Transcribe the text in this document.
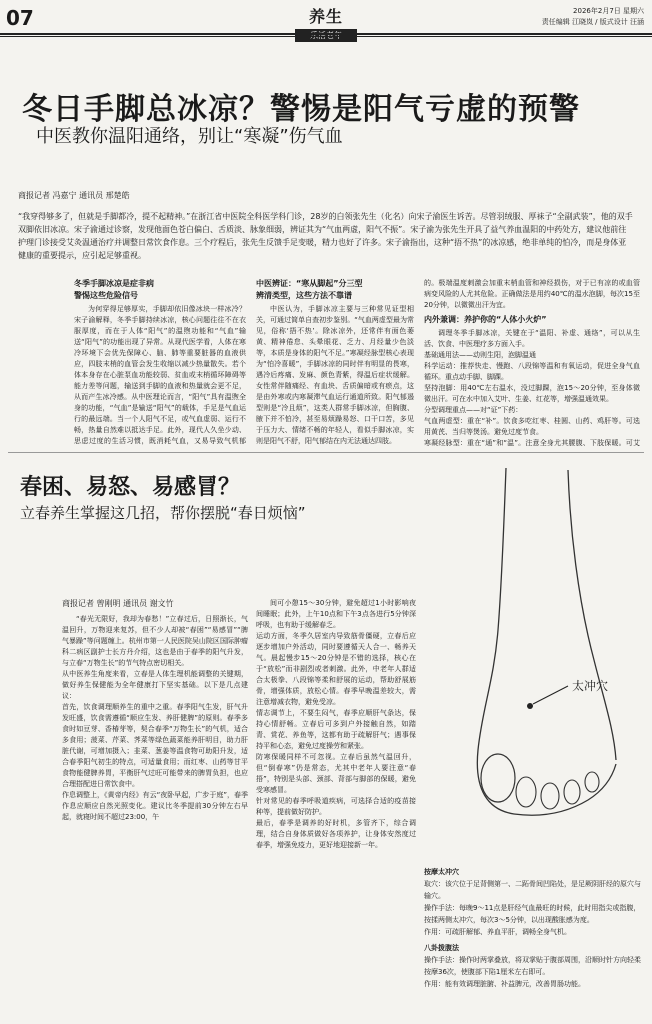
07	养生
乐活老年
2026年2月7日 星期六
责任编辑 江晓岚 / 版式设计 汪涵
冬日手脚总冰凉？警惕是阳气亏虚的预警
中医教你温阳通络，别让“寒凝”伤气血
商报记者 冯嘉宁 通讯员 邢楚皓
“我穿得够多了，但就是手脚都冷，提不起精神。”在浙江省中医院全科医学科门诊，28岁的白领张先生（化名）向宋子渝医生诉苦。尽管羽绒服、厚袜子“全副武装”，他的双手双脚依旧冰凉。宋子渝通过诊察，发现他面色苍白偏白、舌质淡、脉象细弱，辨证其为“气血两虚，阳气不振”。宋子渝为张先生开具了益气养血温阳的中药处方，建议他前往护理门诊接受艾灸温通治疗并调整日常饮食作息。三个疗程后，张先生反馈手足变暖，精力也好了许多。宋子渝指出，这种“捂不热”的冰凉感，绝非单纯的怕冷，而是身体亚健康的重要提示，应引起足够重视。
冬季手脚冰凉是症非病
警惕这些危险信号
为何穿得足够厚实，手脚却依旧像冰块一样冰冷？宋子渝解释，冬季手脚持续冰凉，核心问题往往不在衣服厚度，而在于人体“阳气”的温煦功能和“气血”输送“阳气”的功能出现了异常。从现代医学看，人体在寒冷环境下会优先保障心、脑、肺等重要脏器的血液供应，四肢末梢的血管会发生收缩以减少热量散失。若个体本身存在心脏泵血功能较弱、贫血或末梢循环障碍等能力差等问题，输送到手脚的血液和热量就会更不足，从而产生冰冷感。从中医理论而言，“阳气”具有温煦全身的功能，“气血”是输送“阳气”的载体，手足是气血运行的最远端。当一个人阳气不足，或气血虚弱、运行不畅，热量自然难以抵达手足。此外，现代人久坐少动、思虑过度的生活习惯，既消耗气血，又易导致气机郁

中医辨证：“寒从脚起”分三型
辨清类型，这些方法不靠谱
中医认为，手脚冰凉主要与三种常见证型相关，可通过简单自查初步鉴别。“气血两虚型最为常见，俗称‘捂不热’。除冰凉外，还常伴有面色萎黄、精神倦怠、头晕眼花、乏力、月经量少色淡等，本质是身体的阳气不足。”寒凝经脉型核心表现为“怕冷喜暖”，手脚冰凉的同时伴有明显的畏寒，遇冷后疼痛、发麻、颜色青紫，得温后症状缓解。女性常伴随痛经、有血块、舌质偏暗或有瘀点，这是由外寒或内寒凝滞气血运行通道所致。阳气郁遏型则是“冷且烦”，这类人群常手脚冰凉，但胸腹、腋下并不怕冷，甚至易烦躁易怒、口干口苦，多见于压力大、情绪不畅的年轻人，看似手脚冰凉，实则是阳气不舒，阳气郁结在内无法通达四肢。

的。极端温度刺激会加重末梢血管和神经损伤，对于已有凉的或血管病变风险的人尤其危险。正确做法是用约40℃的温水泡脚，每次15至20分钟，以微微出汗为宜。
内外兼调：养护你的“人体小火炉”
调理冬季手脚冰凉，关键在于“温阳、补虚、通络”，可以从生活、饮食、中医理疗多方面入手。
基础通用法——动则生阳，泡脚温通
科学运动：推荐快走、慢跑、八段锦等温和有氧运动，促进全身气血循环。重点动手脚、脚踝。
坚持泡脚：用40℃左右温水，没过脚踝，泡15～20分钟，至身体微微出汗。可在水中加入艾叶、生姜、红花等，增强温通效果。
分型调理重点——对“证”下药：
气血两虚型：重在“补”。饮食多吃红枣、桂圆、山药、鸡肝等。可选用黄芪、当归等煲汤。避免过度节食。
寒凝经脉型：重在“通”和“温”。注意全身尤其腰腹、下肢保暖。可艾

春困、易怒、易感冒？
立春养生掌握这几招，帮你摆脱“春日烦恼”
商报记者 曾刚明 通讯员 谢文竹
“春光无限好，我却为春愁！”立春过后，日照渐长，气温回升，万物迎来复苏，但不少人却被“春困”“易感冒”“脾气暴躁”等问题缠上。杭州市第一人民医院吴山院区国际肿瘤科二病区副护士长方丹介绍，这也是由于春季的阳气升发，与立春“万物生长”的节气特点密切相关。
从中医养生角度来看，立春是人体生理机能调整的关键期，做好养生保健能为全年健康打下坚实基础。以下是几点建议：
首先，饮食调理顺养生的重中之重。春季阳气生发，肝气升发旺盛，饮食需遵循“顺应生发、养肝健脾”的原则。春季多食时如豆芽、香椿芽等，契合春季“万物生长”的气机，适合多食用；菠菜、芹菜、荠菜等绿色蔬菜能养肝明目，助力肝脏代谢，可增加摄入；韭菜、葱姜等温食物可助阳升发，适合春季阳气初生的特点，可适量食用；而红枣、山药等甘平食物能健脾养胃，平衡肝气过旺可能带来的脾胃负担，也应合理搭配进日常饮食中。
作息调整上，《黄帝内经》有云“夜卧早起，广步于庭”，春季作息应顺应自然光照变化。建议比冬季提前30分钟左右早起，就寝时间不超过23:00，午
间可小憩15～30分钟，避免超过1小时影响夜间睡眠；此外，上午10点和下午3点各进行5分钟深呼吸，也有助于缓解春乏。
运动方面，冬季久居室内导致筋骨僵硬，立春后应逐步增加户外活动，同时要遵循天人合一、畅养天气。晨起慢步15～20分钟是不错的选择，核心在于“放松”而非剧烈或者刺激。此外，中老年人群适合太极拳、八段锦等柔和舒展的运动，帮助舒展筋骨，增强体质，放松心情。春季早晚温差较大，需注意增减衣物，避免受凉。
情志调节上，不要生闷气，春季应顺肝气条达，保持心情舒畅。立春后可多到户外接触自然，如踏青、赏花、养鱼等，这都有助于疏解肝气；遇事保持平和心态，避免过度操劳和紧张。
防寒保暖同样不可忽视。立春后虽然气温回升，但“倒春寒”仍是常态，尤其中老年人要注意“春捂”，特别是头部、颈部、背部与脚部的保暖，避免受寒感冒。
针对常见的春季呼吸道疾病，可选择合适的疫苗接种等，提前做好防护。
最后，春季是调养的好时机，多管齐下，综合调理，结合自身体质做好各项养护，让身体安然度过春季，增强免疫力，更好地迎接新一年。
太冲穴
按摩太冲穴
取穴：该穴位于足背侧第一、二跖骨间凹陷处，是足厥阴肝经的原穴与输穴。
操作手法：每晚9～11点是肝经气血最旺的时候，此时用指尖或指腹，按揉两侧太冲穴，每次3～5分钟，以出现酸胀感为度。
作用：可疏肝解郁、养血平肝，调畅全身气机。
八卦拨腹法
操作手法：操作时两掌叠放，将双掌贴于腹部周围，沿顺时针方向轻柔按摩36次，使腹部下陷1厘米左右即可。
作用：能有效调理脏腑、补益脾元，改善胃肠功能。
